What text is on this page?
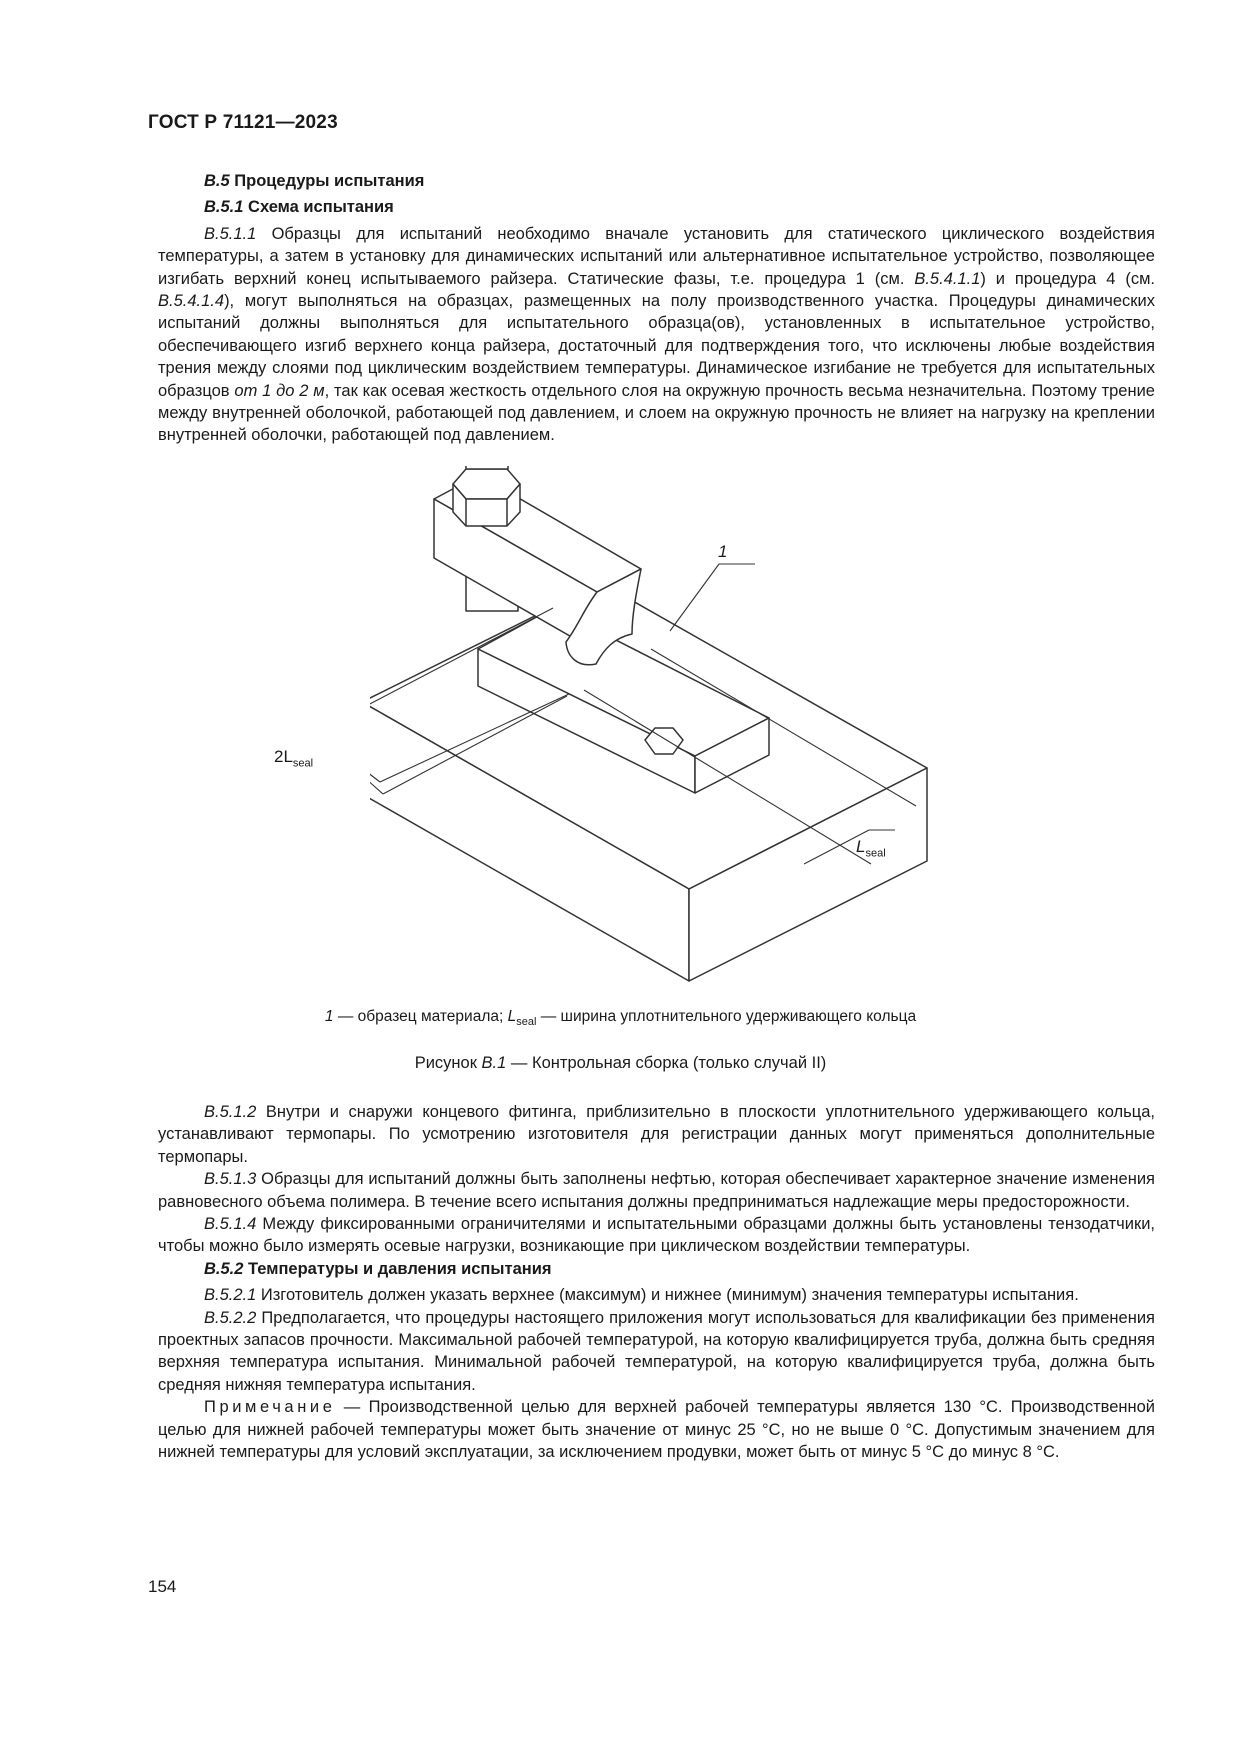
ГОСТ Р 71121—2023
B.5 Процедуры испытания
B.5.1 Схема испытания

B.5.1.1 Образцы для испытаний необходимо вначале установить для статического циклического воздействия температуры, а затем в установку для динамических испытаний или альтернативное испытательное устройство, позволяющее изгибать верхний конец испытываемого райзера. Статические фазы, т.е. процедура 1 (см. B.5.4.1.1) и процедура 4 (см. B.5.4.1.4), могут выполняться на образцах, размещенных на полу производственного участка. Процедуры динамических испытаний должны выполняться для испытательного образца(ов), установленных в испытательное устройство, обеспечивающего изгиб верхнего конца райзера, достаточный для подтверждения того, что исключены любые воздействия трения между слоями под циклическим воздействием температуры. Динамическое изгибание не требуется для испытательных образцов от 1 до 2 м, так как осевая жесткость отдельного слоя на окружную прочность весьма незначительна. Поэтому трение между внутренней оболочкой, работающей под давлением, и слоем на окружную прочность не влияет на нагрузку на креплении внутренней оболочки, работающей под давлением.

1
$2L_{seal}$
$L_{seal}$
1 — образец материала; $L_{seal}$ — ширина уплотнительного удерживающего кольца
Рисунок B.1 — Контрольная сборка (только случай II)

B.5.1.2 Внутри и снаружи концевого фитинга, приблизительно в плоскости уплотнительного удерживающего кольца, устанавливают термопары. По усмотрению изготовителя для регистрации данных могут применяться дополнительные термопары.

B.5.1.3 Образцы для испытаний должны быть заполнены нефтью, которая обеспечивает характерное значение изменения равновесного объема полимера. В течение всего испытания должны предприниматься надлежащие меры предосторожности.

B.5.1.4 Между фиксированными ограничителями и испытательными образцами должны быть установлены тензодатчики, чтобы можно было измерять осевые нагрузки, возникающие при циклическом воздействии температуры.

B.5.2 Температуры и давления испытания

B.5.2.1 Изготовитель должен указать верхнее (максимум) и нижнее (минимум) значения температуры испытания.

B.5.2.2 Предполагается, что процедуры настоящего приложения могут использоваться для квалификации без применения проектных запасов прочности. Максимальной рабочей температурой, на которую квалифицируется труба, должна быть средняя верхняя температура испытания. Минимальной рабочей температурой, на которую квалифицируется труба, должна быть средняя нижняя температура испытания.

Примечание — Производственной целью для верхней рабочей температуры является 130 °С. Производственной целью для нижней рабочей температуры может быть значение от минус 25 °С, но не выше 0 °С. Допустимым значением для нижней температуры для условий эксплуатации, за исключением продувки, может быть от минус 5 °С до минус 8 °С.

154
